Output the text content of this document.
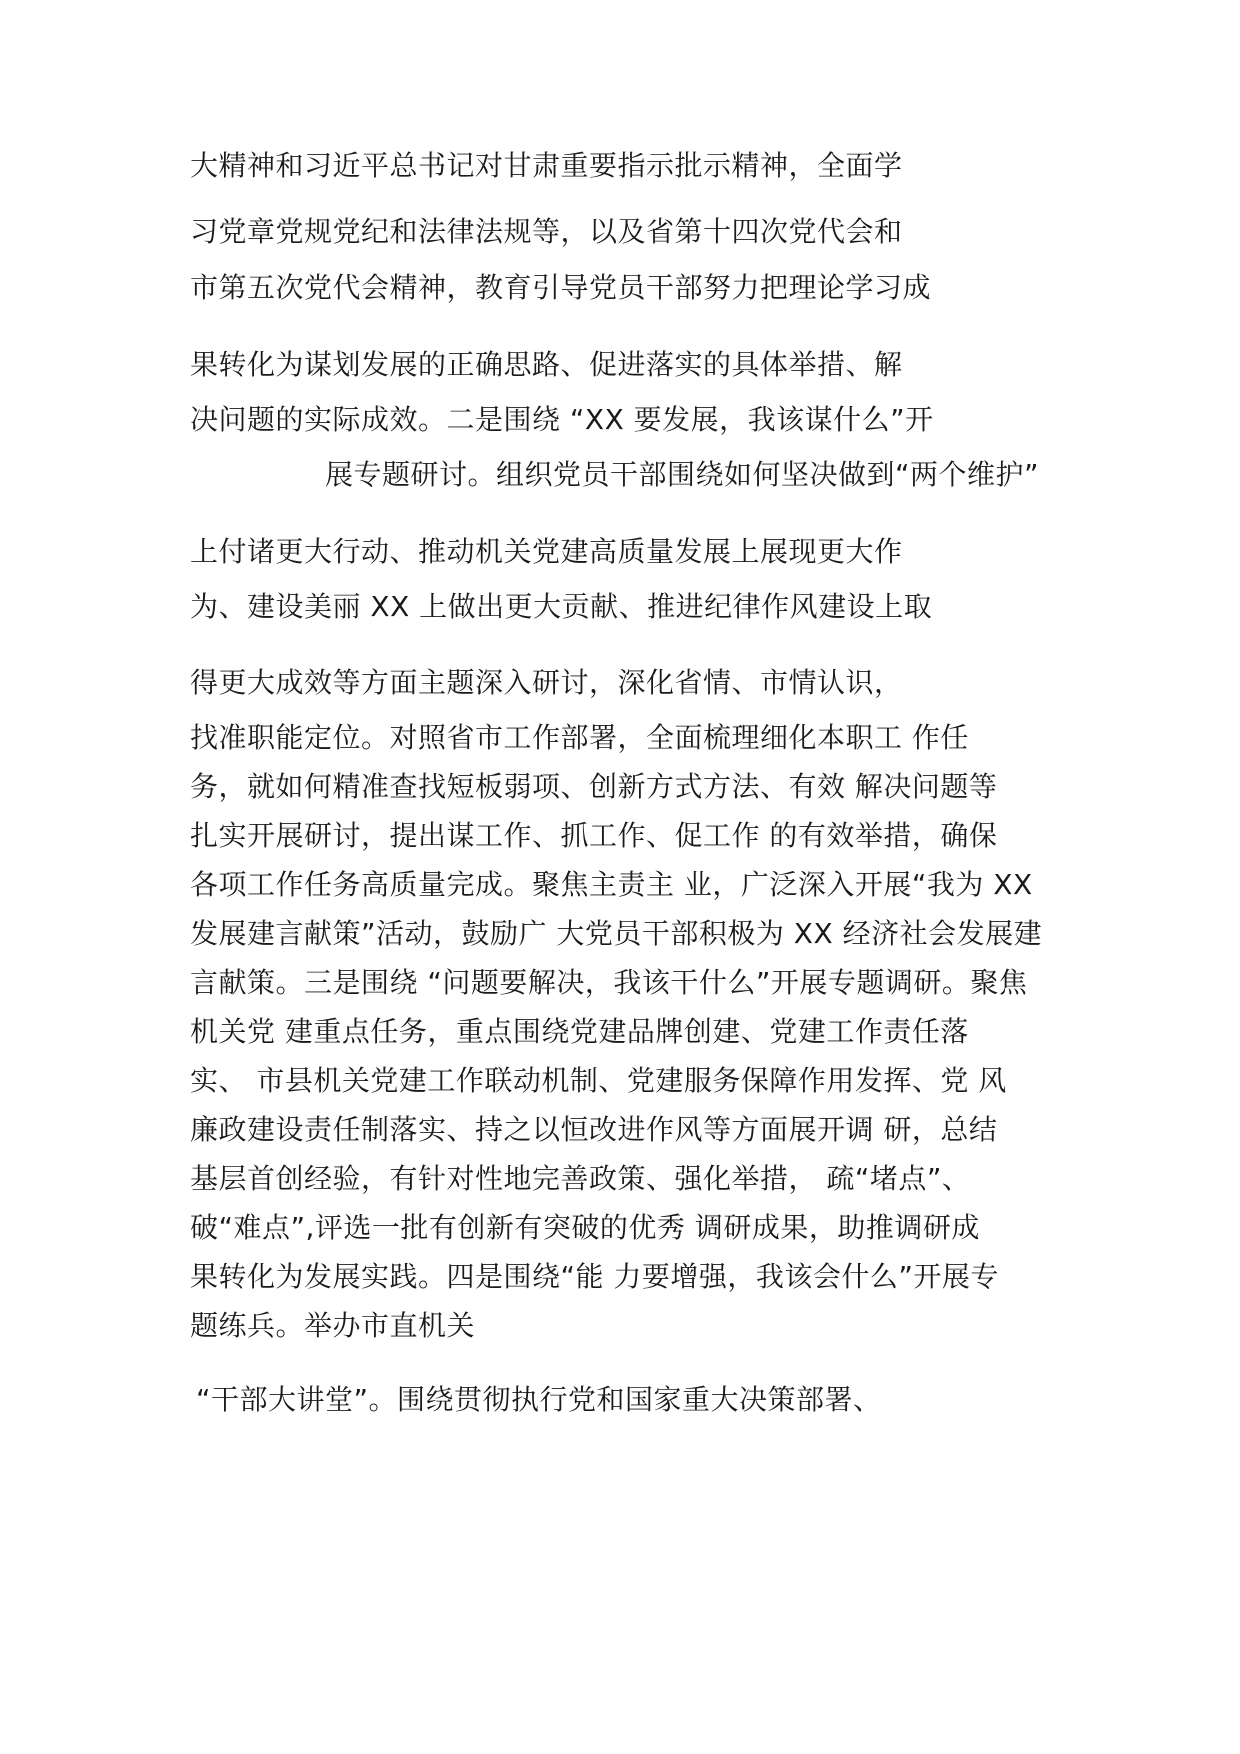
大精神和习近平总书记对甘肃重要指示批示精神，全面学
习党章党规党纪和法律法规等，以及省第十四次党代会和
市第五次党代会精神，教育引导党员干部努力把理论学习成
果转化为谋划发展的正确思路、促进落实的具体举措、解
决问题的实际成效。二是围绕 “XX 要发展，我该谋什么”开
展专题研讨。组织党员干部围绕如何坚决做到“两个维护”
上付诸更大行动、推动机关党建高质量发展上展现更大作
为、建设美丽 XX 上做出更大贡献、推进纪律作风建设上取
得更大成效等方面主题深入研讨，深化省情、市情认识，
找准职能定位。对照省市工作部署，全面梳理细化本职工 作任
务，就如何精准查找短板弱项、创新方式方法、有效 解决问题等
扎实开展研讨，提出谋工作、抓工作、促工作 的有效举措，确保
各项工作任务高质量完成。聚焦主责主 业，广泛深入开展“我为 XX
发展建言献策”活动，鼓励广 大党员干部积极为 XX 经济社会发展建
言献策。三是围绕 “问题要解决，我该干什么”开展专题调研。聚焦
机关党 建重点任务，重点围绕党建品牌创建、党建工作责任落
实、 市县机关党建工作联动机制、党建服务保障作用发挥、党 风
廉政建设责任制落实、持之以恒改进作风等方面展开调 研，总结
基层首创经验，有针对性地完善政策、强化举措， 疏“堵点”、
破“难点”,评选一批有创新有突破的优秀 调研成果，助推调研成
果转化为发展实践。四是围绕“能 力要增强，我该会什么”开展专
题练兵。举办市直机关
“干部大讲堂”。围绕贯彻执行党和国家重大决策部署、
